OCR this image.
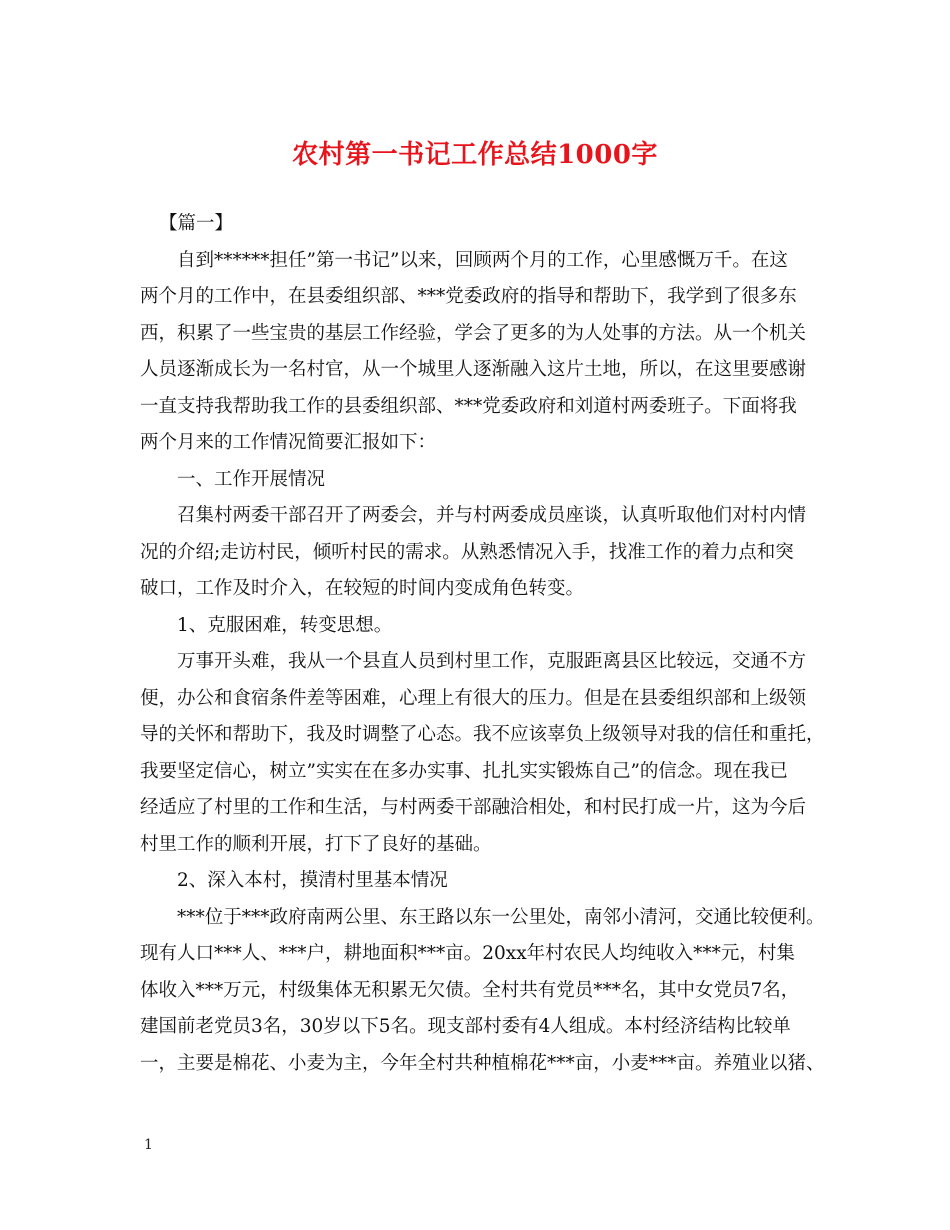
农村第一书记工作总结1000字
【篇一】
自到******担任”第一书记”以来，回顾两个月的工作，心里感慨万千。在这
两个月的工作中，在县委组织部、***党委政府的指导和帮助下，我学到了很多东
西，积累了一些宝贵的基层工作经验，学会了更多的为人处事的方法。从一个机关
人员逐渐成长为一名村官，从一个城里人逐渐融入这片土地，所以，在这里要感谢
一直支持我帮助我工作的县委组织部、***党委政府和刘道村两委班子。下面将我
两个月来的工作情况简要汇报如下：
一、工作开展情况
召集村两委干部召开了两委会，并与村两委成员座谈，认真听取他们对村内情
况的介绍;走访村民，倾听村民的需求。从熟悉情况入手，找准工作的着力点和突
破口，工作及时介入，在较短的时间内变成角色转变。
1、克服困难，转变思想。
万事开头难，我从一个县直人员到村里工作，克服距离县区比较远，交通不方
便，办公和食宿条件差等困难，心理上有很大的压力。但是在县委组织部和上级领
导的关怀和帮助下，我及时调整了心态。我不应该辜负上级领导对我的信任和重托，
我要坚定信心，树立”实实在在多办实事、扎扎实实锻炼自己”的信念。现在我已
经适应了村里的工作和生活，与村两委干部融洽相处，和村民打成一片，这为今后
村里工作的顺利开展，打下了良好的基础。
2、深入本村，摸清村里基本情况
***位于***政府南两公里、东王路以东一公里处，南邻小清河，交通比较便利。
现有人口***人、***户，耕地面积***亩。20xx年村农民人均纯收入***元，村集
体收入***万元，村级集体无积累无欠债。全村共有党员***名，其中女党员7名，
建国前老党员3名，30岁以下5名。现支部村委有4人组成。本村经济结构比较单
一，主要是棉花、小麦为主，今年全村共种植棉花***亩，小麦***亩。养殖业以猪、
1
